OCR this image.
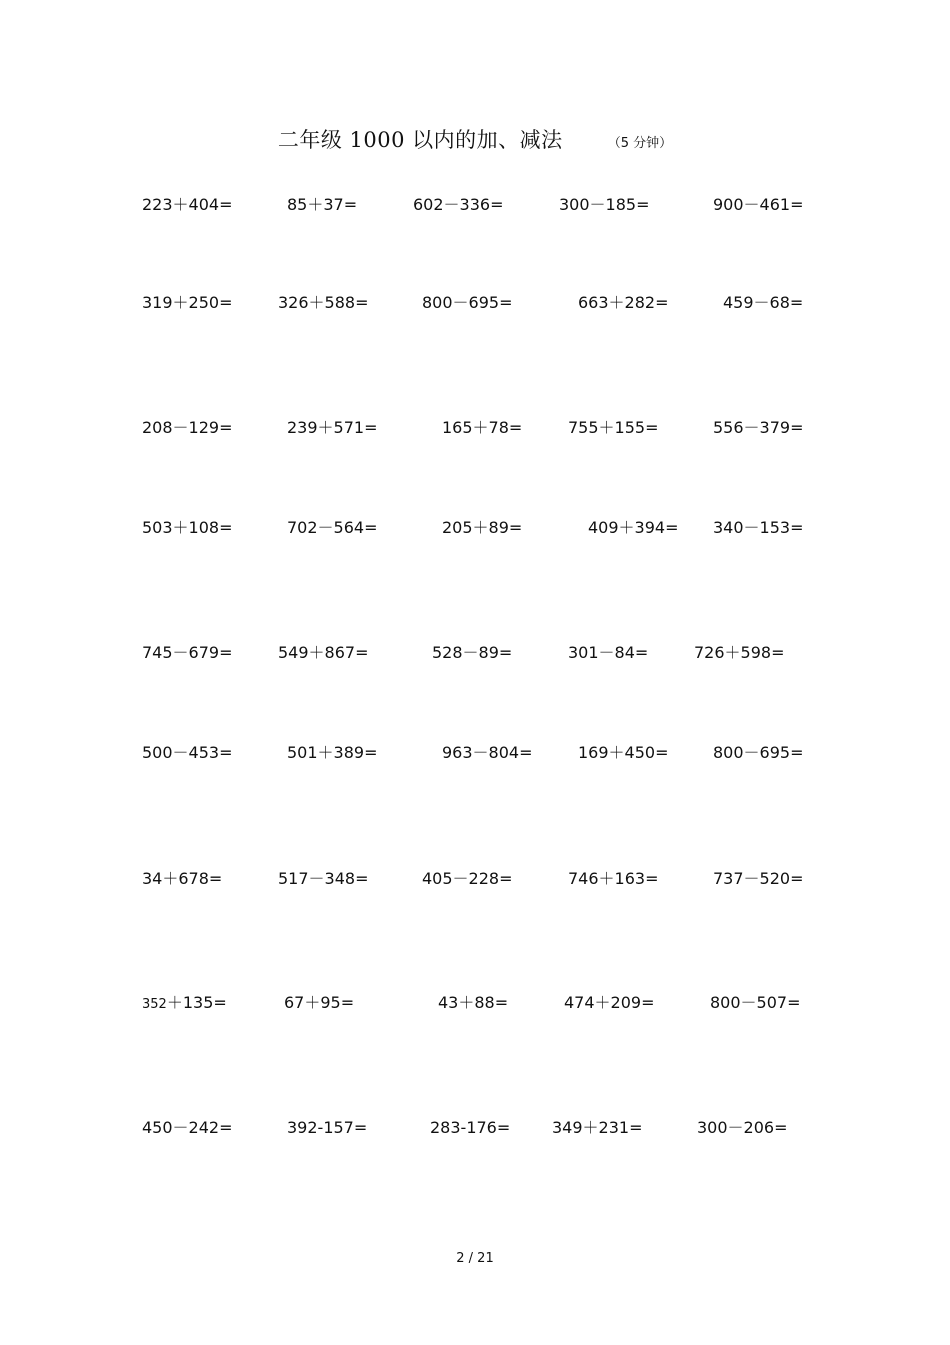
二年级 1000 以内的加、减法	（5 分钟）
223＋404=	85＋37=	602－336=	300－185=	900－461=
319＋250=	326＋588=	800－695=	663＋282=	459－68=
208－129=	239＋571=	165＋78=	755＋155=	556－379=
503＋108=	702－564=	205＋89=	409＋394= 340－153=
745－679=	549＋867=	528－89=	301－84=	726＋598=
500－453=	501＋389=	963－804=	169＋450=	800－695=
34＋678=	517－348=	405－228=	746＋163=	737－520=
352＋135=	67＋95=	43＋88=	474＋209=	800－507=
450－242=	392-157=	283-176=	349＋231=	300－206=
2 / 21
